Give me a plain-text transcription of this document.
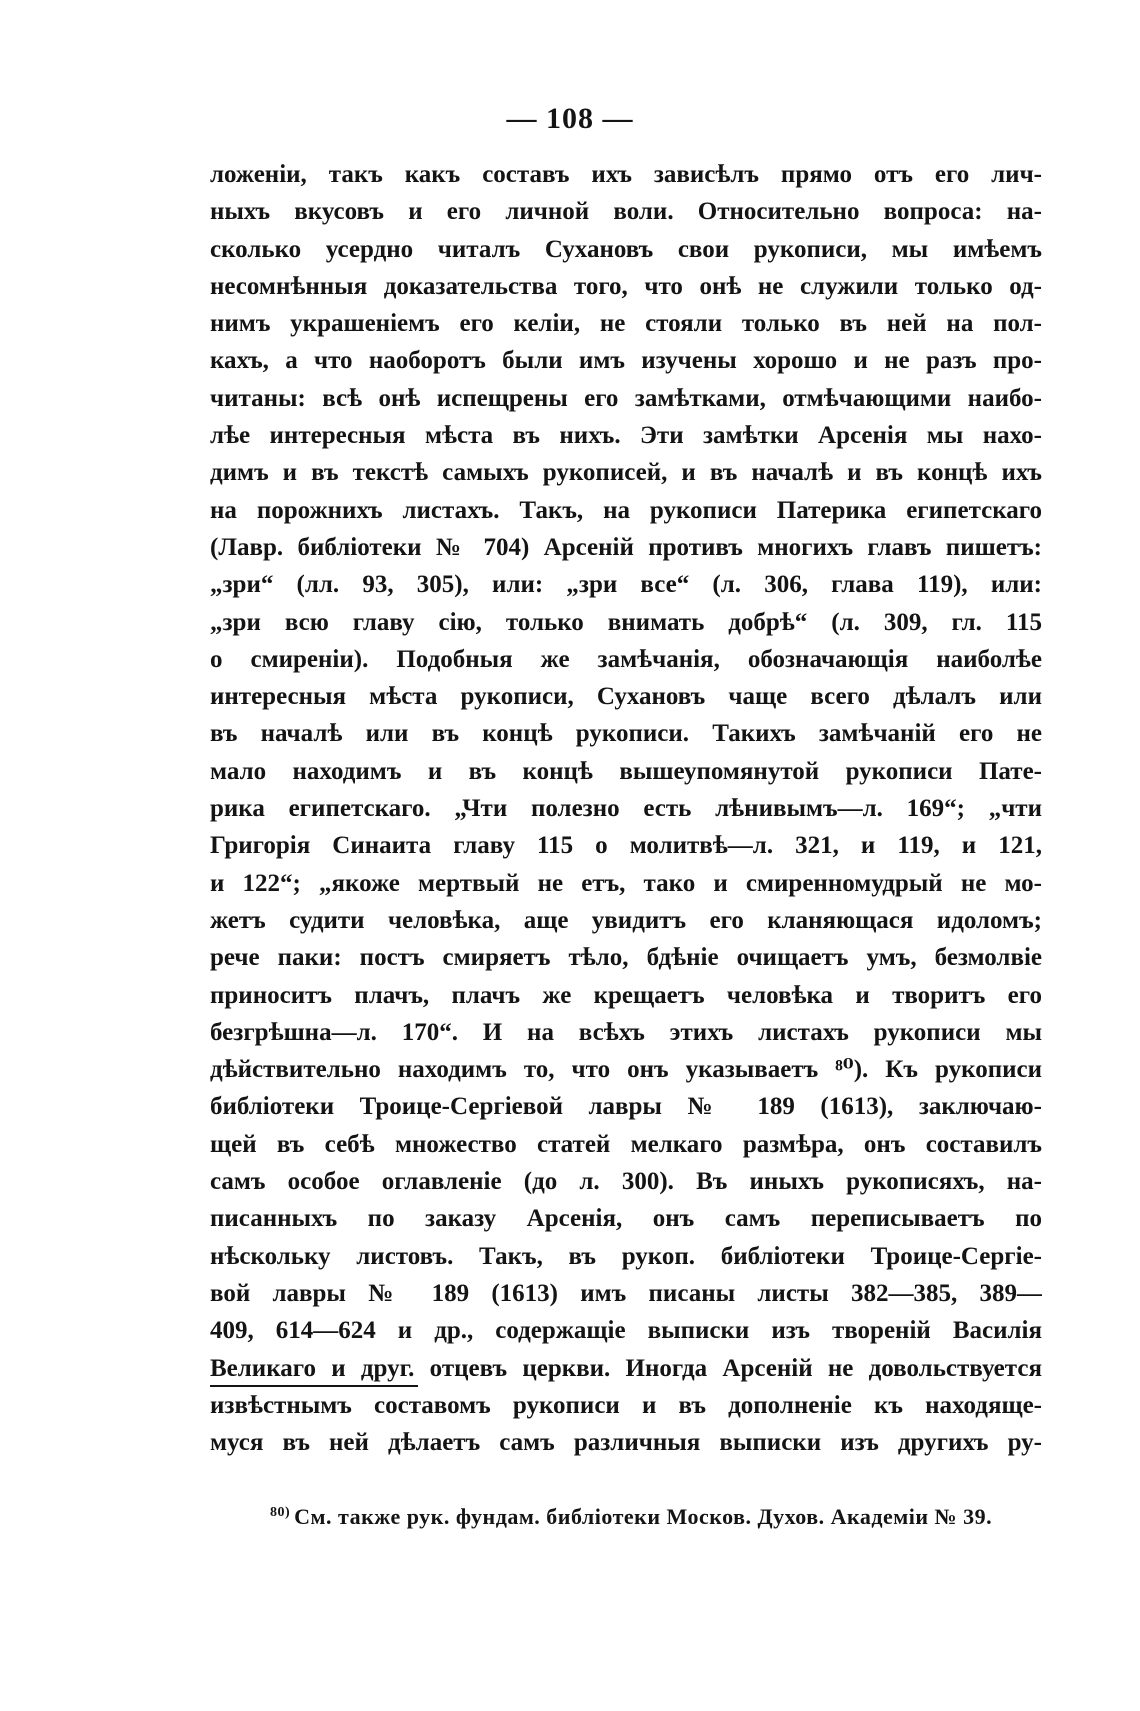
— 108 —
ложеніи, такъ какъ составъ ихъ зависѣлъ прямо отъ его лич-
ныхъ вкусовъ и его личной воли. Относительно вопроса: на-
сколько усердно читалъ Сухановъ свои рукописи, мы имѣемъ
несомнѣнныя доказательства того, что онѣ не служили только од-
нимъ украшеніемъ его келіи, не стояли только въ ней на пол-
кахъ, а что наоборотъ были имъ изучены хорошо и не разъ про-
читаны: всѣ онѣ испещрены его замѣтками, отмѣчающими наибо-
лѣе интересныя мѣста въ нихъ. Эти замѣтки Арсенія мы нахо-
димъ и въ текстѣ самыхъ рукописей, и въ началѣ и въ концѣ ихъ
на порожнихъ листахъ. Такъ, на рукописи Патерика египетскаго
(Лавр. библіотеки № 704) Арсеній противъ многихъ главъ пишетъ:
„зри“ (лл. 93, 305), или: „зри все“ (л. 306, глава 119), или:
„зри всю главу сію, только внимать добрѣ“ (л. 309, гл. 115
о смиреніи). Подобныя же замѣчанія, обозначающія наиболѣе
интересныя мѣста рукописи, Сухановъ чаще всего дѣлалъ или
въ началѣ или въ концѣ рукописи. Такихъ замѣчаній его не
мало находимъ и въ концѣ вышеупомянутой рукописи Пате-
рика египетскаго. „Чти полезно есть лѣнивымъ—л. 169“; „чти
Григорія Синаита главу 115 о молитвѣ—л. 321, и 119, и 121,
и 122“; „якоже мертвый не етъ, тако и смиренномудрый не мо-
жетъ судити человѣка, аще увидитъ его кланяющася идоломъ;
рече паки: постъ смиряетъ тѣло, бдѣніе очищаетъ умъ, безмолвіе
приноситъ плачъ, плачъ же крещаетъ человѣка и творитъ его
безгрѣшна—л. 170“. И на всѣхъ этихъ листахъ рукописи мы
дѣйствительно находимъ то, что онъ указываетъ ⁸⁰). Къ рукописи
библіотеки Троице-Сергіевой лавры № 189 (1613), заключаю-
щей въ себѣ множество статей мелкаго размѣра, онъ составилъ
самъ особое оглавленіе (до л. 300). Въ иныхъ рукописяхъ, на-
писанныхъ по заказу Арсенія, онъ самъ переписываетъ по
нѣскольку листовъ. Такъ, въ рукоп. библіотеки Троице-Сергіе-
вой лавры № 189 (1613) имъ писаны листы 382—385, 389—
409, 614—624 и др., содержащіе выписки изъ твореній Василія
Великаго и друг. отцевъ церкви. Иногда Арсеній не довольствуется
извѣстнымъ составомъ рукописи и въ дополненіе къ находяще-
муся въ ней дѣлаетъ самъ различныя выписки изъ другихъ ру-
$^{80)}$ См. также рук. фундам. библіотеки Москов. Духов. Академіи № 39.
